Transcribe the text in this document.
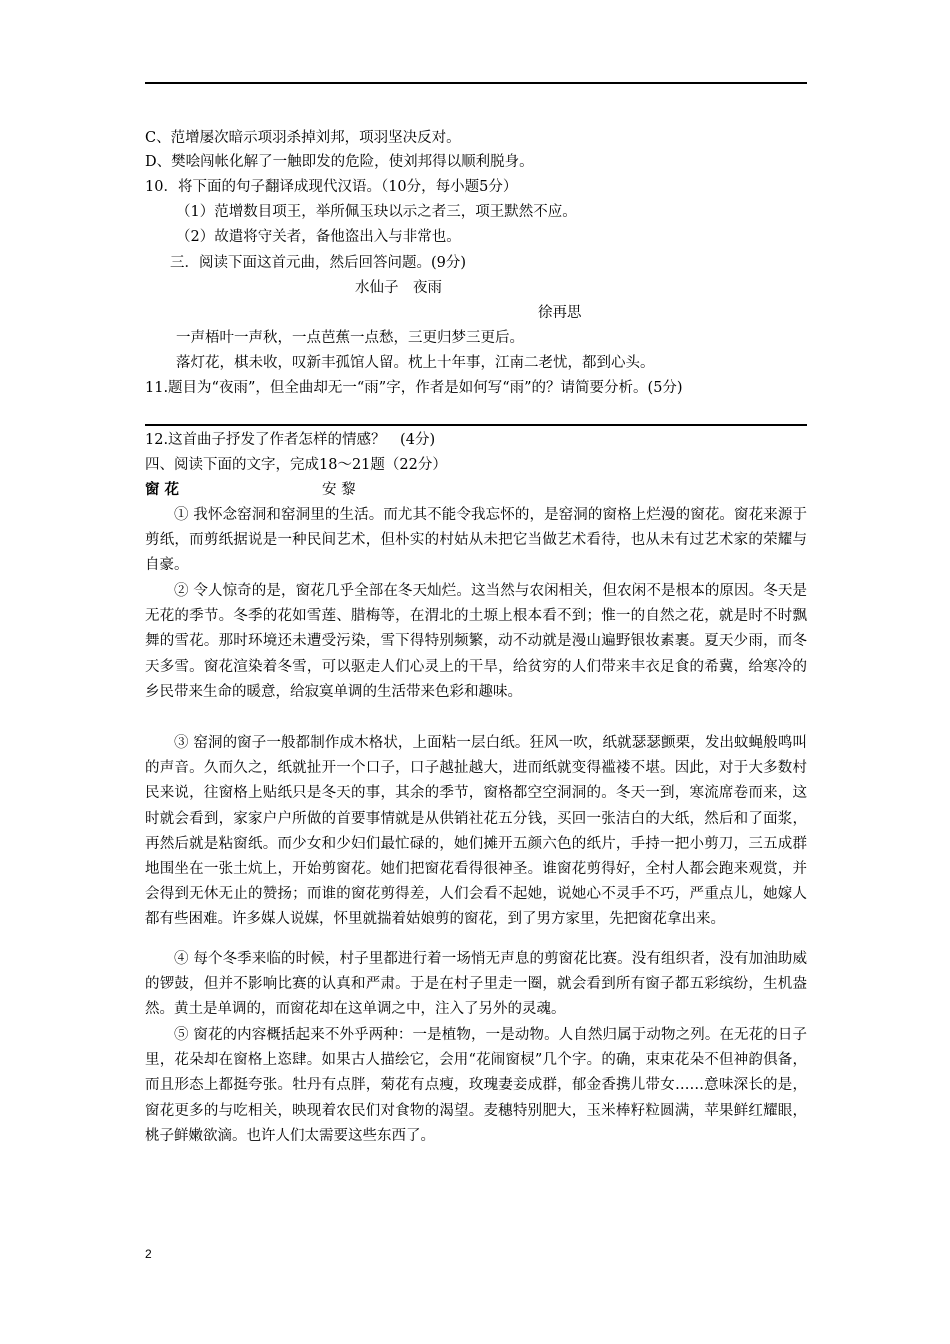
C、范增屡次暗示项羽杀掉刘邦，项羽坚决反对。
D、樊哙闯帐化解了一触即发的危险，使刘邦得以顺利脱身。
10．将下面的句子翻译成现代汉语。（10分，每小题5分）
（1）范增数目项王，举所佩玉玦以示之者三，项王默然不应。
（2）故遣将守关者，备他盗出入与非常也。
三．阅读下面这首元曲，然后回答问题。(9分)
水仙子　夜雨
徐再思
一声梧叶一声秋，一点芭蕉一点愁，三更归梦三更后。
落灯花，棋未收，叹新丰孤馆人留。枕上十年事，江南二老忧，都到心头。
11.题目为“夜雨”，但全曲却无一“雨”字，作者是如何写“雨”的？请简要分析。(5分)
12.这首曲子抒发了作者怎样的情感？　(4分)
四、阅读下面的文字，完成18～21题（22分）
窗 花	安 黎
① 我怀念窑洞和窑洞里的生活。而尤其不能令我忘怀的，是窑洞的窗格上烂漫的窗花。窗花来源于剪纸，而剪纸据说是一种民间艺术，但朴实的村姑从未把它当做艺术看待，也从未有过艺术家的荣耀与自豪。
② 令人惊奇的是，窗花几乎全部在冬天灿烂。这当然与农闲相关，但农闲不是根本的原因。冬天是无花的季节。冬季的花如雪莲、腊梅等，在渭北的土塬上根本看不到；惟一的自然之花，就是时不时飘舞的雪花。那时环境还未遭受污染，雪下得特别频繁，动不动就是漫山遍野银妆素裹。夏天少雨，而冬天多雪。窗花渲染着冬雪，可以驱走人们心灵上的干旱，给贫穷的人们带来丰衣足食的希冀，给寒冷的乡民带来生命的暖意，给寂寞单调的生活带来色彩和趣味。
③ 窑洞的窗子一般都制作成木格状，上面粘一层白纸。狂风一吹，纸就瑟瑟颤栗，发出蚊蝇般鸣叫的声音。久而久之，纸就扯开一个口子，口子越扯越大，进而纸就变得褴褛不堪。因此，对于大多数村民来说，往窗格上贴纸只是冬天的事，其余的季节，窗格都空空洞洞的。冬天一到，寒流席卷而来，这时就会看到，家家户户所做的首要事情就是从供销社花五分钱，买回一张洁白的大纸，然后和了面浆，再然后就是粘窗纸。而少女和少妇们最忙碌的，她们摊开五颜六色的纸片，手持一把小剪刀，三五成群地围坐在一张土炕上，开始剪窗花。她们把窗花看得很神圣。谁窗花剪得好，全村人都会跑来观赏，并会得到无休无止的赞扬；而谁的窗花剪得差，人们会看不起她，说她心不灵手不巧，严重点儿，她嫁人都有些困难。许多媒人说媒，怀里就揣着姑娘剪的窗花，到了男方家里，先把窗花拿出来。
④ 每个冬季来临的时候，村子里都进行着一场悄无声息的剪窗花比赛。没有组织者，没有加油助威的锣鼓，但并不影响比赛的认真和严肃。于是在村子里走一圈，就会看到所有窗子都五彩缤纷，生机盎然。黄土是单调的，而窗花却在这单调之中，注入了另外的灵魂。
⑤ 窗花的内容概括起来不外乎两种：一是植物，一是动物。人自然归属于动物之列。在无花的日子里，花朵却在窗格上恣肆。如果古人描绘它，会用“花闹窗棂”几个字。的确，束束花朵不但神韵俱备，而且形态上都挺夸张。牡丹有点胖，菊花有点瘦，玫瑰妻妾成群，郁金香携儿带女……意味深长的是，窗花更多的与吃相关，映现着农民们对食物的渴望。麦穗特别肥大，玉米棒籽粒圆满，苹果鲜红耀眼，桃子鲜嫩欲滴。也许人们太需要这些东西了。
2
